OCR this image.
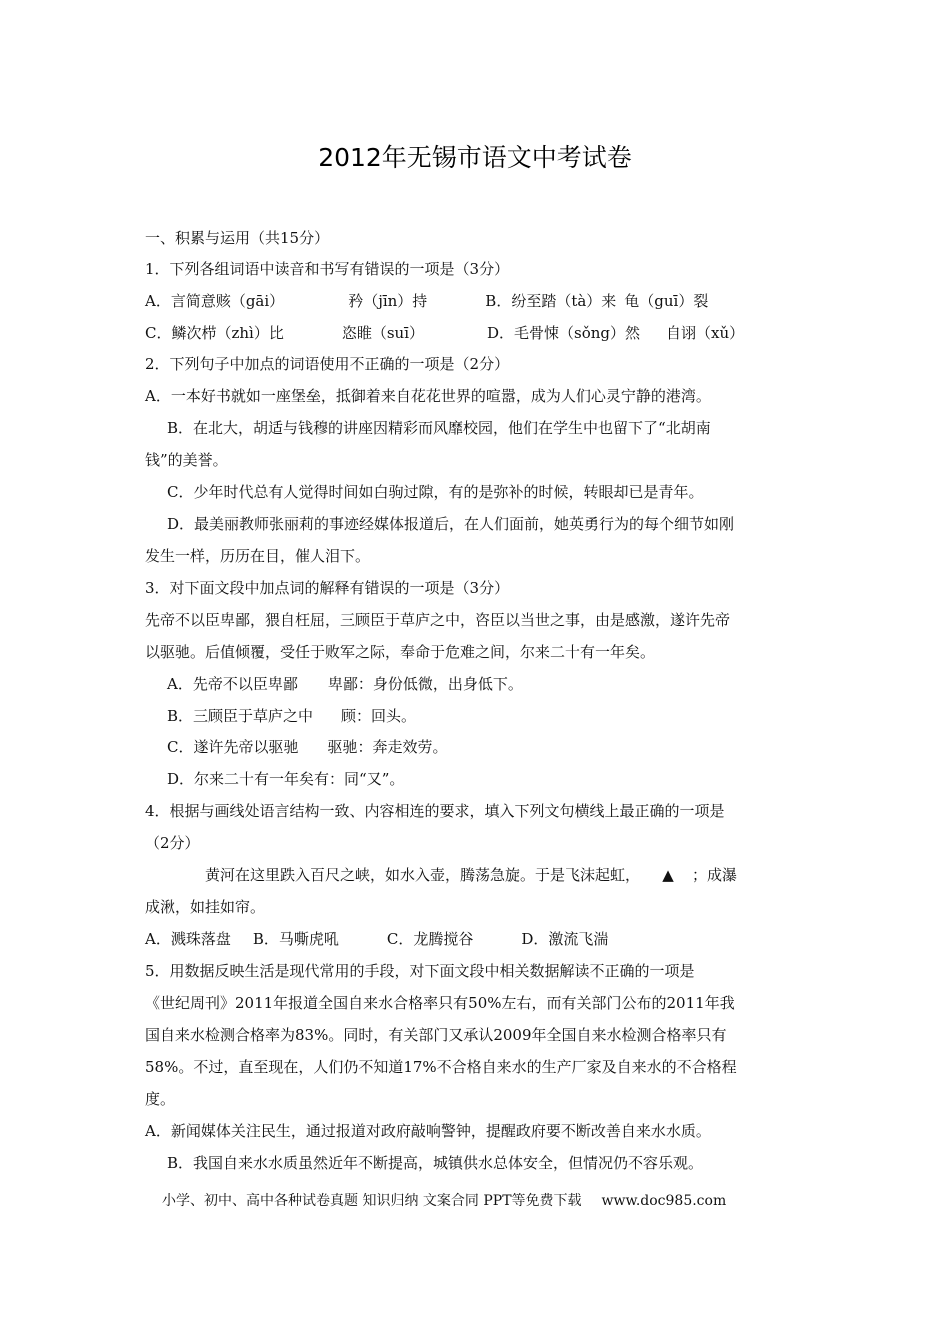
2012年无锡市语文中考试卷
一、积累与运用（共15分）
1．下列各组词语中读音和书写有错误的一项是（3分）
A．言简意赅（gāi）	矜（jīn）持	B．纷至踏（tà）来 龟（guī）裂
C．鳞次栉（zhì）比	恣睢（suī）	D．毛骨悚（sǒng）然 自诩（xǔ）
2．下列句子中加点的词语使用不正确的一项是（2分）
A．一本好书就如一座堡垒，抵御着来自花花世界的喧嚣，成为人们心灵宁静的港湾。
B．在北大，胡适与钱穆的讲座因精彩而风靡校园，他们在学生中也留下了“北胡南
钱”的美誉。
C．少年时代总有人觉得时间如白驹过隙，有的是弥补的时候，转眼却已是青年。
D．最美丽教师张丽莉的事迹经媒体报道后，在人们面前，她英勇行为的每个细节如刚
发生一样，历历在目，催人泪下。
3．对下面文段中加点词的解释有错误的一项是（3分）
先帝不以臣卑鄙，猥自枉屈，三顾臣于草庐之中，咨臣以当世之事，由是感激，遂许先帝
以驱驰。后值倾覆，受任于败军之际，奉命于危难之间，尔来二十有一年矣。
A．先帝不以臣卑鄙 卑鄙：身份低微，出身低下。
B．三顾臣于草庐之中 顾：回头。
C．遂许先帝以驱驰 驱驰：奔走效劳。
D．尔来二十有一年矣有：同“又”。
4．根据与画线处语言结构一致、内容相连的要求，填入下列文句横线上最正确的一项是
（2分）
黄河在这里跌入百尺之峡，如水入壶，腾荡急旋。于是飞沫起虹， ▲ ；成瀑
成湫，如挂如帘。
A．溅珠落盘 B．马嘶虎吼	C．龙腾搅谷	D．激流飞湍
5．用数据反映生活是现代常用的手段，对下面文段中相关数据解读不正确的一项是
《世纪周刊》2011年报道全国自来水合格率只有50%左右，而有关部门公布的2011年我
国自来水检测合格率为83%。同时，有关部门又承认2009年全国自来水检测合格率只有
58%。不过，直至现在，人们仍不知道17%不合格自来水的生产厂家及自来水的不合格程
度。
A．新闻媒体关注民生，通过报道对政府敲响警钟，提醒政府要不断改善自来水水质。
B．我国自来水水质虽然近年不断提高，城镇供水总体安全，但情况仍不容乐观。
小学、初中、高中各种试卷真题 知识归纳 文案合同 PPT等免费下载 www.doc985.com
